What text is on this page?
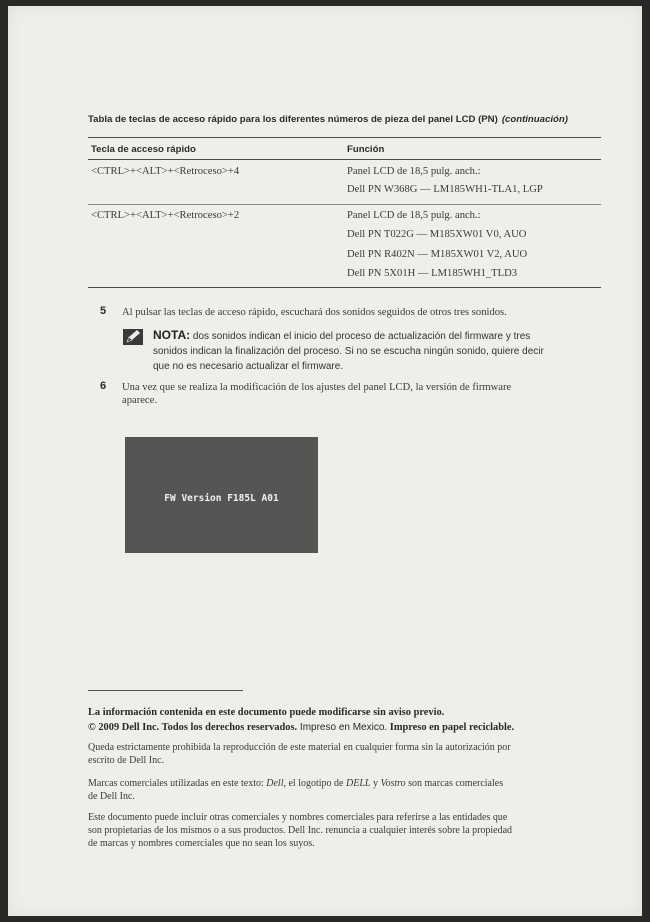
Tabla de teclas de acceso rápido para los diferentes números de pieza del panel LCD (PN) (continuación)
Tecla de acceso rápido	Función
<CTRL>+<ALT>+<Retroceso>+4	Panel LCD de 18,5 pulg. anch.:
Dell PN W368G — LM185WH1-TLA1, LGP
<CTRL>+<ALT>+<Retroceso>+2	Panel LCD de 18,5 pulg. anch.:
Dell PN T022G — M185XW01 V0, AUO
Dell PN R402N — M185XW01 V2, AUO
Dell PN 5X01H — LM185WH1_TLD3
5 Al pulsar las teclas de acceso rápido, escuchará dos sonidos seguidos de otros tres sonidos.
NOTA: dos sonidos indican el inicio del proceso de actualización del firmware y tres
sonidos indican la finalización del proceso. Si no se escucha ningún sonido, quiere decir
que no es necesario actualizar el firmware.
6 Una vez que se realiza la modificación de los ajustes del panel LCD, la versión de firmware
aparece.
FW Version F185L A01
La información contenida en este documento puede modificarse sin aviso previo.
© 2009 Dell Inc. Todos los derechos reservados. Impreso en Mexico. Impreso en papel reciclable.
Queda estrictamente prohibida la reproducción de este material en cualquier forma sin la autorización por
escrito de Dell Inc.
Marcas comerciales utilizadas en este texto: Dell, el logotipo de DELL y Vostro son marcas comerciales
de Dell Inc.
Este documento puede incluir otras comerciales y nombres comerciales para referirse a las entidades que
son propietarias de los mismos o a sus productos. Dell Inc. renuncia a cualquier interés sobre la propiedad
de marcas y nombres comerciales que no sean los suyos.
